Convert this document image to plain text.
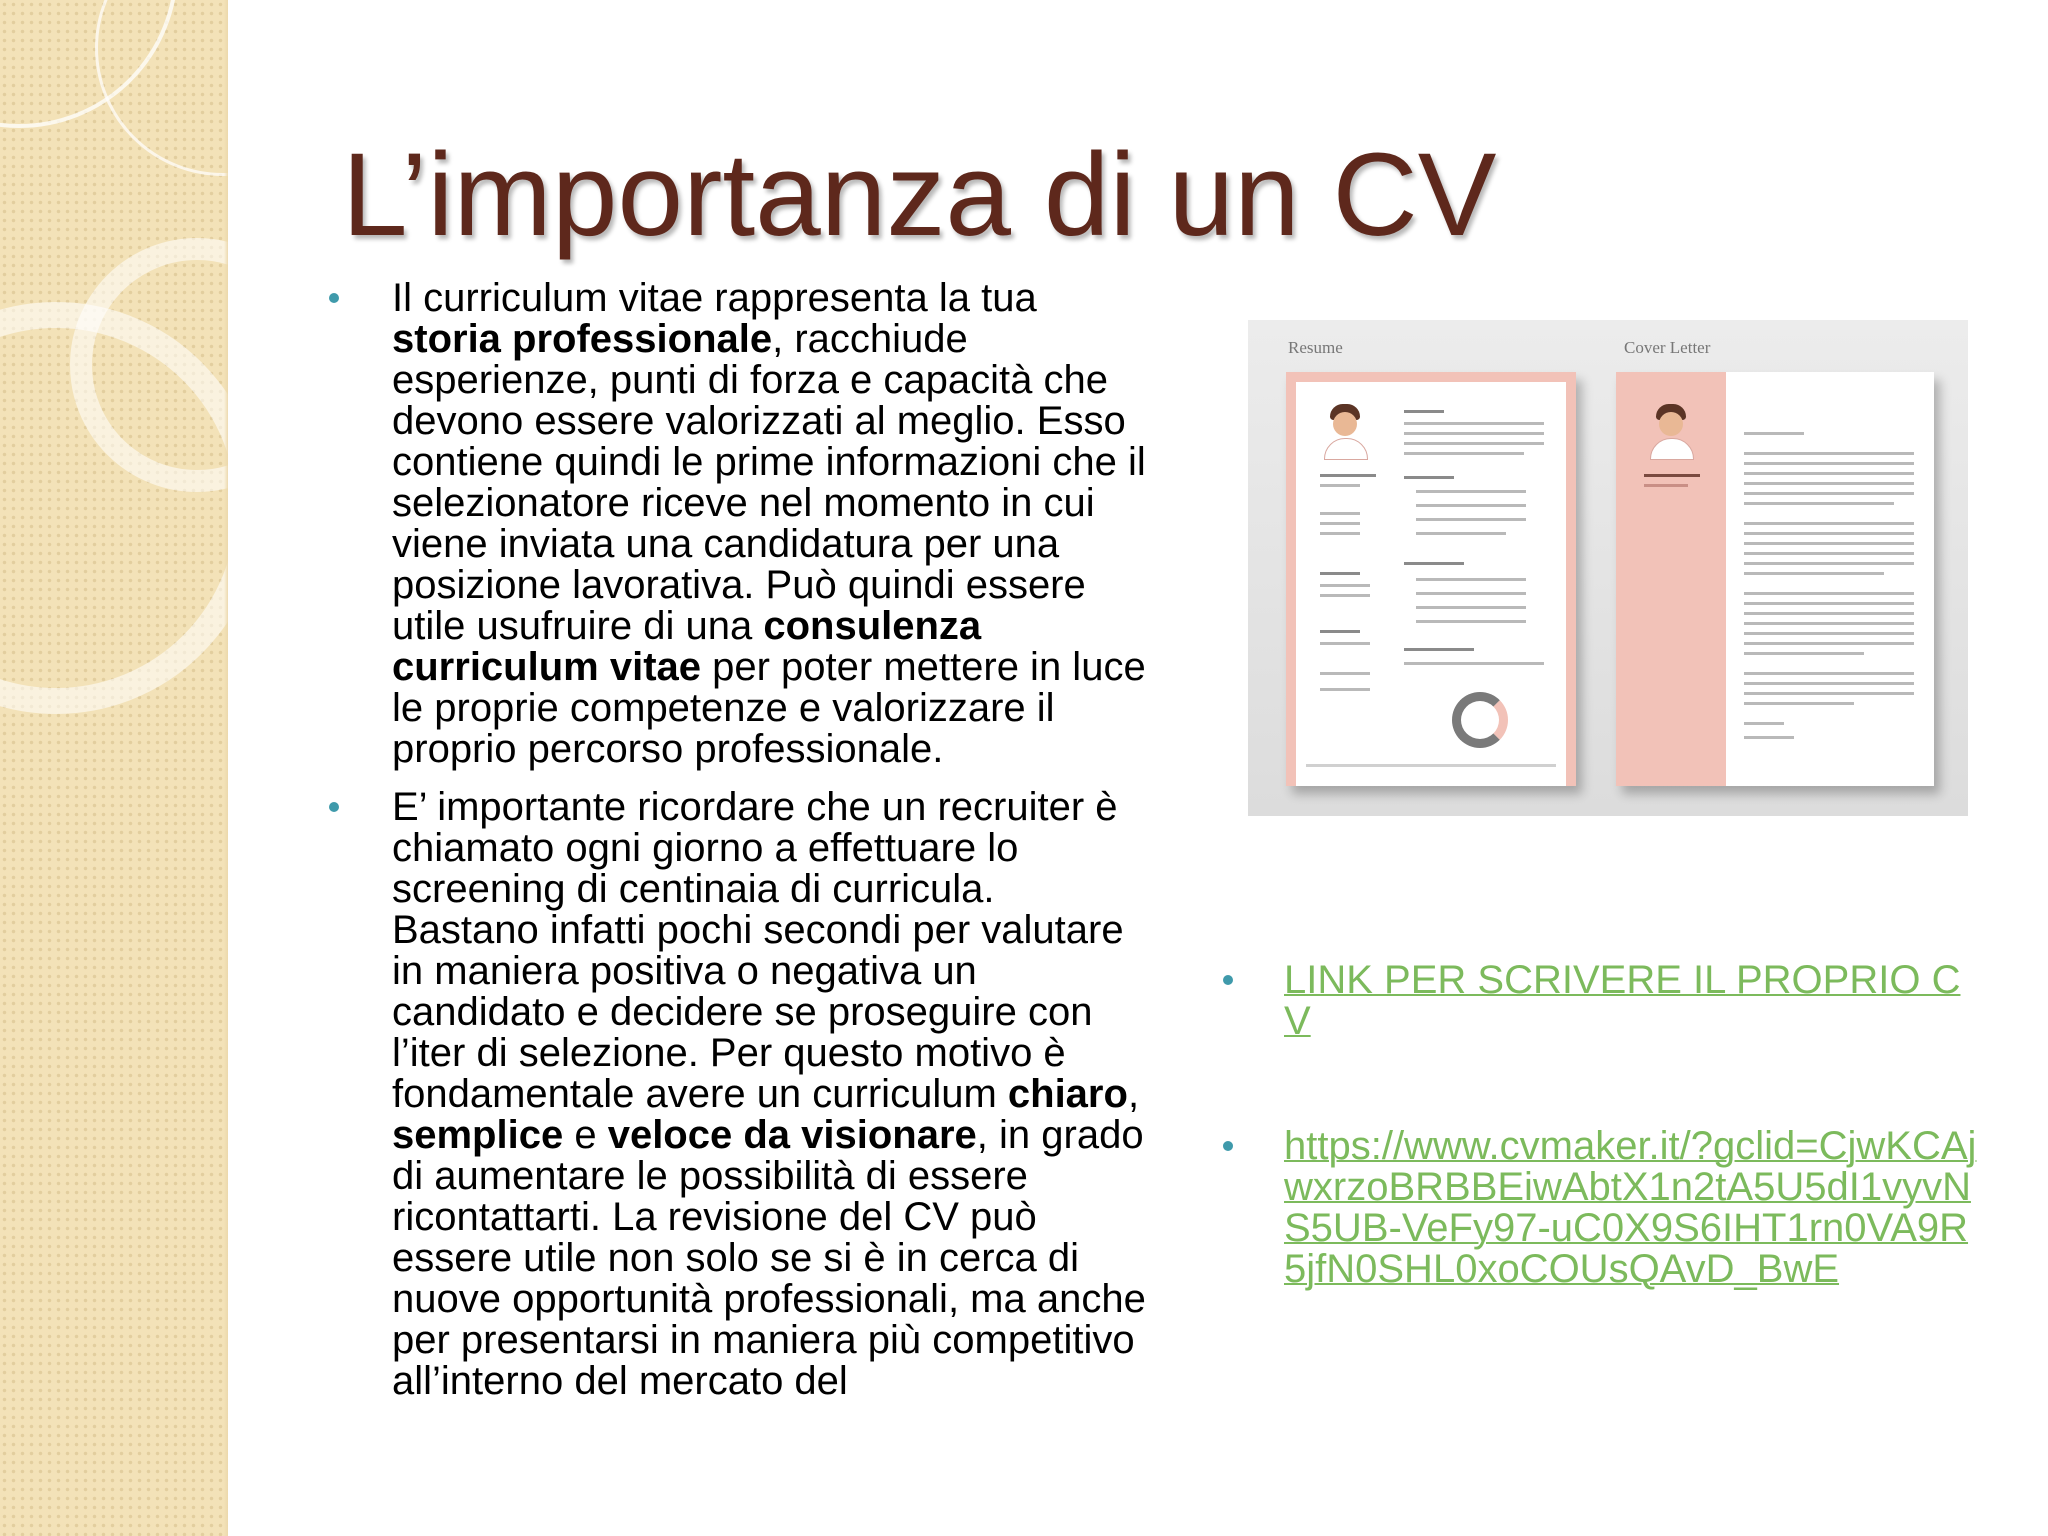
L’importanza di un CV
Il curriculum vitae rappresenta la tua storia professionale, racchiude esperienze, punti di forza e capacità che devono essere valorizzati al meglio. Esso contiene quindi le prime informazioni che il selezionatore riceve nel momento in cui viene inviata una candidatura per una posizione lavorativa. Può quindi essere utile usufruire di una consulenza curriculum vitae per poter mettere in luce le proprie competenze e valorizzare il proprio percorso professionale.
E’ importante ricordare che un recruiter è chiamato ogni giorno a effettuare lo screening di centinaia di curricula. Bastano infatti pochi secondi per valutare in maniera positiva o negativa un candidato e decidere se proseguire con l’iter di selezione. Per questo motivo è fondamentale avere un curriculum chiaro, semplice e veloce da visionare, in grado di aumentare le possibilità di essere ricontattarti. La revisione del CV può essere utile non solo se si è in cerca di nuove opportunità professionali, ma anche per presentarsi in maniera più competitivo all’interno del mercato del
Resume	Cover Letter
LINK PER SCRIVERE IL PROPRIO CV
https://www.cvmaker.it/?gclid=CjwKCAjwxrzoBRBBEiwAbtX1n2tA5U5dI1vyvNS5UB-VeFy97-uC0X9S6IHT1rn0VA9R5jfN0SHL0xoCOUsQAvD_BwE
